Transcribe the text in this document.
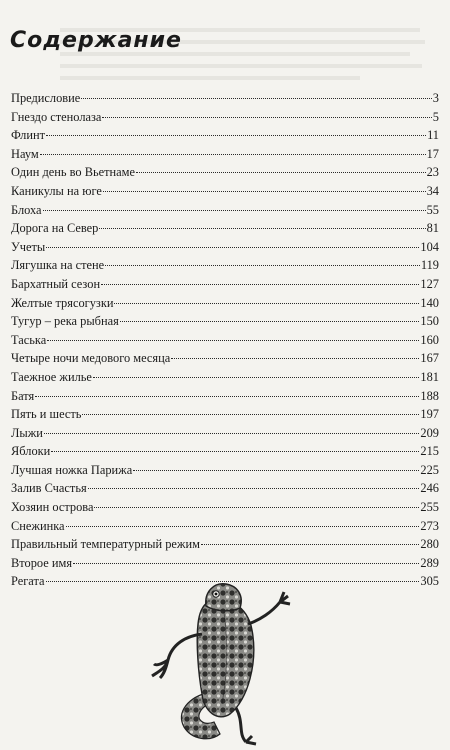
Содержание
Предисловие	3
Гнездо стенолаза	5
Флинт	11
Наум	17
Один день во Вьетнаме	23
Каникулы на юге	34
Блоха	55
Дорога на Север	81
Учеты	104
Лягушка на стене	119
Бархатный сезон	127
Желтые трясогузки	140
Тугур – река рыбная	150
Таська	160
Четыре ночи медового месяца	167
Таежное жилье	181
Батя	188
Пять и шесть	197
Лыжи	209
Яблоки	215
Лучшая ножка Парижа	225
Залив Счастья	246
Хозяин острова	255
Снежинка	273
Правильный температурный режим	280
Второе имя	289
Регата	305
